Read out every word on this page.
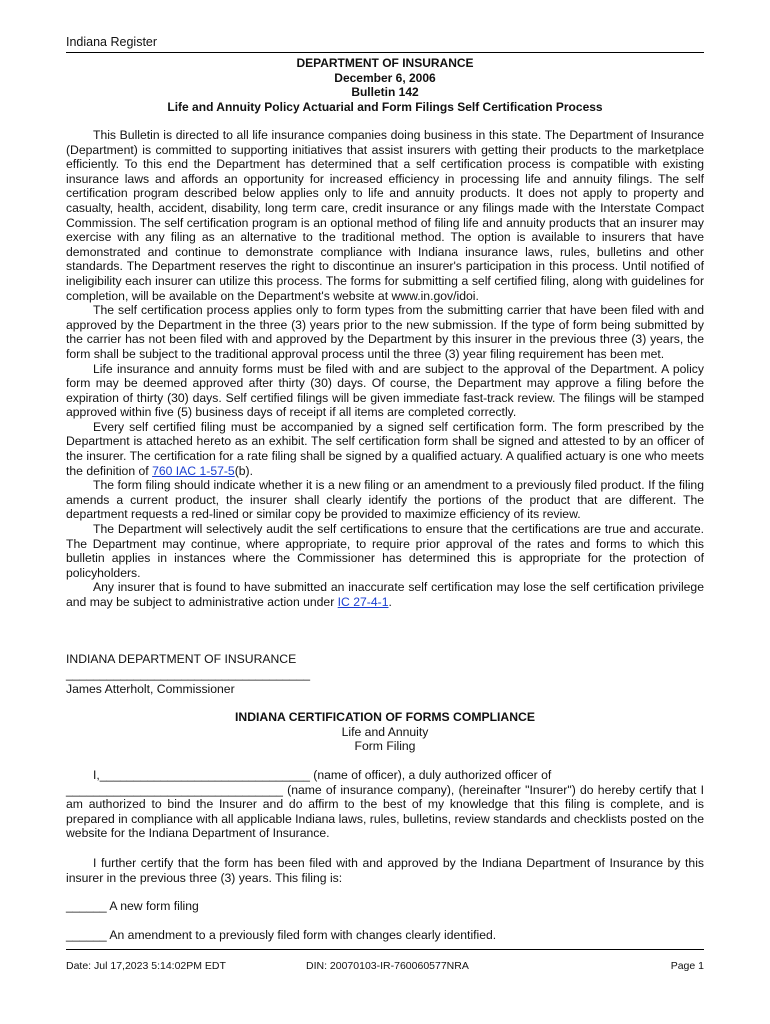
Indiana Register
DEPARTMENT OF INSURANCE
December 6, 2006
Bulletin 142
Life and Annuity Policy Actuarial and Form Filings Self Certification Process

This Bulletin is directed to all life insurance companies doing business in this state. The Department of Insurance (Department) is committed to supporting initiatives that assist insurers with getting their products to the marketplace efficiently. To this end the Department has determined that a self certification process is compatible with existing insurance laws and affords an opportunity for increased efficiency in processing life and annuity filings. The self certification program described below applies only to life and annuity products. It does not apply to property and casualty, health, accident, disability, long term care, credit insurance or any filings made with the Interstate Compact Commission. The self certification program is an optional method of filing life and annuity products that an insurer may exercise with any filing as an alternative to the traditional method. The option is available to insurers that have demonstrated and continue to demonstrate compliance with Indiana insurance laws, rules, bulletins and other standards. The Department reserves the right to discontinue an insurer's participation in this process. Until notified of ineligibility each insurer can utilize this process. The forms for submitting a self certified filing, along with guidelines for completion, will be available on the Department's website at www.in.gov/idoi.

The self certification process applies only to form types from the submitting carrier that have been filed with and approved by the Department in the three (3) years prior to the new submission. If the type of form being submitted by the carrier has not been filed with and approved by the Department by this insurer in the previous three (3) years, the form shall be subject to the traditional approval process until the three (3) year filing requirement has been met.

Life insurance and annuity forms must be filed with and are subject to the approval of the Department. A policy form may be deemed approved after thirty (30) days. Of course, the Department may approve a filing before the expiration of thirty (30) days. Self certified filings will be given immediate fast-track review. The filings will be stamped approved within five (5) business days of receipt if all items are completed correctly.

Every self certified filing must be accompanied by a signed self certification form. The form prescribed by the Department is attached hereto as an exhibit. The self certification form shall be signed and attested to by an officer of the insurer. The certification for a rate filing shall be signed by a qualified actuary. A qualified actuary is one who meets the definition of 760 IAC 1-57-5(b).

The form filing should indicate whether it is a new filing or an amendment to a previously filed product. If the filing amends a current product, the insurer shall clearly identify the portions of the product that are different. The department requests a red-lined or similar copy be provided to maximize efficiency of its review.

The Department will selectively audit the self certifications to ensure that the certifications are true and accurate. The Department may continue, where appropriate, to require prior approval of the rates and forms to which this bulletin applies in instances where the Commissioner has determined this is appropriate for the protection of policyholders.

Any insurer that is found to have submitted an inaccurate self certification may lose the self certification privilege and may be subject to administrative action under IC 27-4-1.

INDIANA DEPARTMENT OF INSURANCE
____________________________________
James Atterholt, Commissioner
INDIANA CERTIFICATION OF FORMS COMPLIANCE
Life and Annuity
Form Filing

I,_______________________________ (name of officer), a duly authorized officer of

________________________________ (name of insurance company), (hereinafter "Insurer") do hereby certify that I am authorized to bind the Insurer and do affirm to the best of my knowledge that this filing is complete, and is prepared in compliance with all applicable Indiana laws, rules, bulletins, review standards and checklists posted on the website for the Indiana Department of Insurance.

I further certify that the form has been filed with and approved by the Indiana Department of Insurance by this insurer in the previous three (3) years. This filing is:

______ A new form filing
______ An amendment to a previously filed form with changes clearly identified.
Date: Jul 17,2023 5:14:02PM EDT	DIN: 20070103-IR-760060577NRA	Page 1
